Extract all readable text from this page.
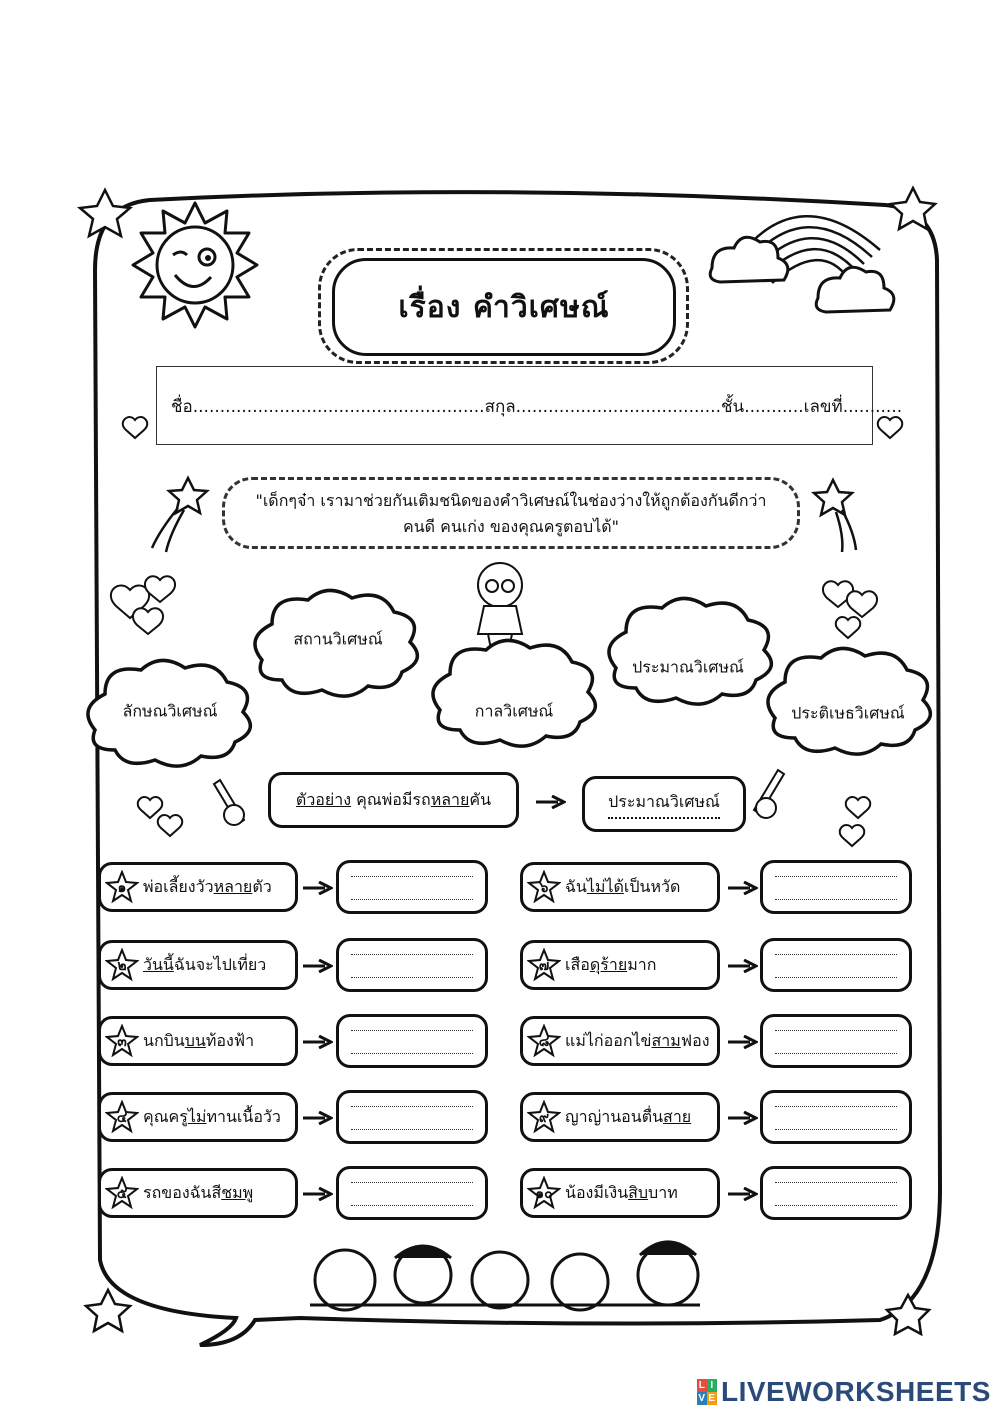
เรื่อง คำวิเศษณ์
ชื่อ......................................................สกุล......................................ชั้น...........เลขที่...........
"เด็กๆจ๋า เรามาช่วยกันเติมชนิดของคำวิเศษณ์ในช่องว่างให้ถูกต้องกันดีกว่า
คนดี คนเก่ง ของคุณครูตอบได้"
ลักษณวิเศษณ์
สถานวิเศษณ์
กาลวิเศษณ์
ประมาณวิเศษณ์
ประติเษธวิเศษณ์
ตัวอย่าง
คุณพ่อมีรถ หลาย คัน	ประมาณวิเศษณ์
๑	พ่อเลี้ยงวัวหลายตัว
๒	วันนี้ฉันจะไปเที่ยว
๓	นกบินบนท้องฟ้า
๔ คุณครูไม่ทานเนื้อวัว
๕ รถของฉันสีชมพู
๖	ฉันไม่ได้เป็นหวัด
๗ เสือดุร้ายมาก
๘ แม่ไก่ออกไข่สามฟอง
๙ ญาญ่านอนตื่นสาย
๑๐ น้องมีเงินสิบบาท
L I
V E LIVEWORKSHEETS
